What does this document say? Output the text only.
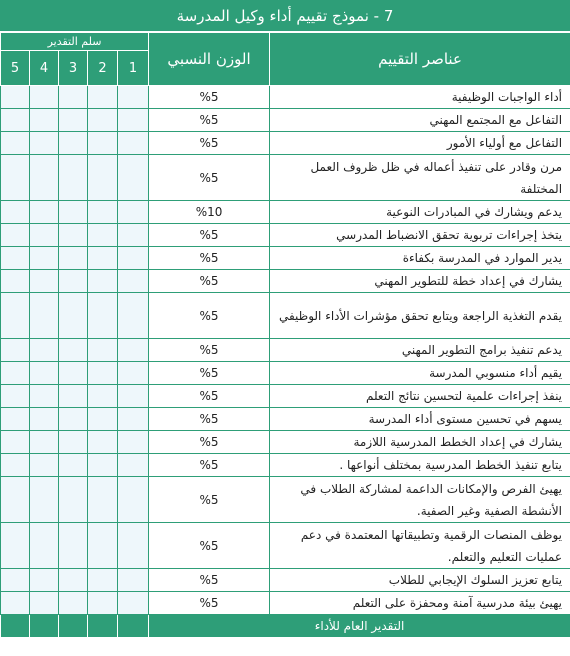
7 - نموذج تقييم أداء وكيل المدرسة
سلم التقدير					الوزن النسبي	عناصر التقييم
5	4	3	2	1		
					%5	أداء الواجبات الوظيفية
					%5	التفاعل مع المجتمع المهني
					%5	التفاعل مع أولياء الأمور
					%5	مرن وقادر على تنفيذ أعماله في ظل ظروف العمل المختلفة
					%10	يدعم ويشارك في المبادرات النوعية
					%5	يتخذ إجراءات تربوية تحقق الانضباط المدرسي
					%5	يدير الموارد في المدرسة بكفاءة
					%5	يشارك في إعداد خطة للتطوير المهني
					%5	يقدم التغذية الراجعة ويتابع تحقق مؤشرات الأداء الوظيفي
					%5	يدعم تنفيذ برامج التطوير المهني
					%5	يقيم أداء منسوبي المدرسة
					%5	ينفذ إجراءات علمية لتحسين نتائج التعلم
					%5	يسهم في تحسين مستوى أداء المدرسة
					%5	يشارك في إعداد الخطط المدرسية اللازمة
					%5	يتابع تنفيذ الخطط المدرسية بمختلف أنواعها .
					%5	يهيئ الفرص والإمكانات الداعمة لمشاركة الطلاب في الأنشطة الصفية وغير الصفية.
					%5	يوظف المنصات الرقمية وتطبيقاتها المعتمدة في دعم عمليات التعليم والتعلم.
					%5	يتابع تعزيز السلوك الإيجابي للطلاب
					%5	يهيئ بيئة مدرسية آمنة ومحفزة على التعلم
					التقدير العام للأداء	
